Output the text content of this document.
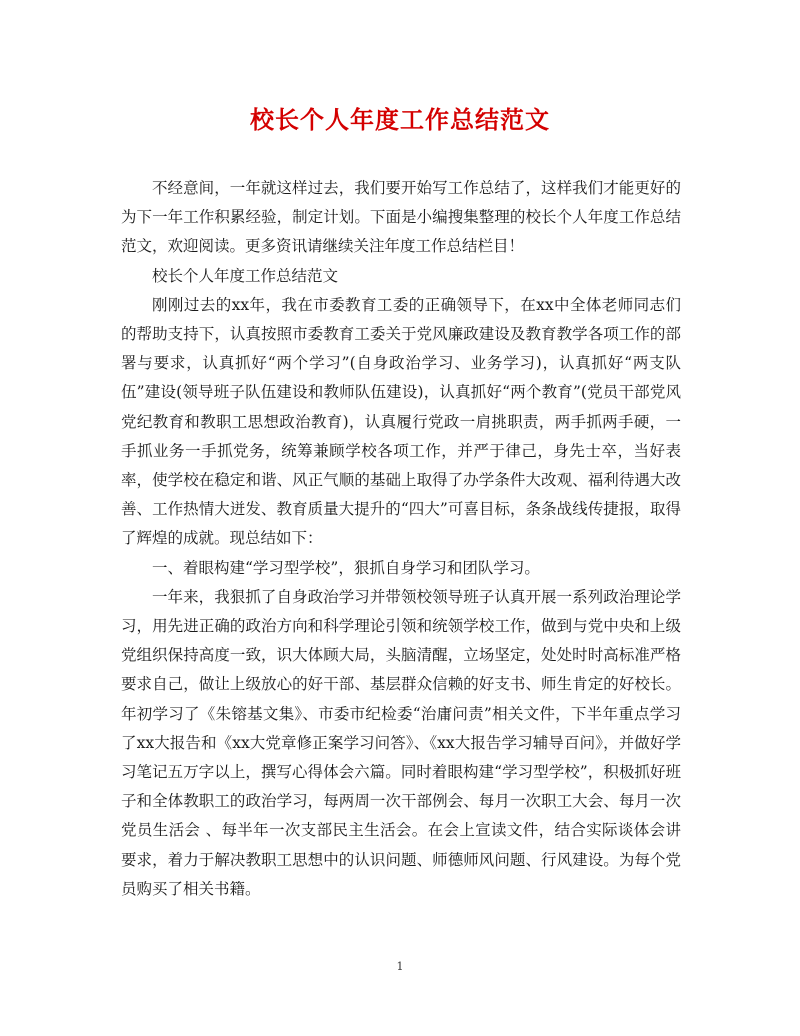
校长个人年度工作总结范文

不经意间，一年就这样过去，我们要开始写工作总结了，这样我们才能更好的为下一年工作积累经验，制定计划。下面是小编搜集整理的校长个人年度工作总结范文，欢迎阅读。更多资讯请继续关注年度工作总结栏目！

校长个人年度工作总结范文

刚刚过去的xx年，我在市委教育工委的正确领导下，在xx中全体老师同志们的帮助支持下，认真按照市委教育工委关于党风廉政建设及教育教学各项工作的部署与要求，认真抓好“两个学习”(自身政治学习、业务学习)，认真抓好“两支队伍”建设(领导班子队伍建设和教师队伍建设)，认真抓好“两个教育”(党员干部党风党纪教育和教职工思想政治教育)，认真履行党政一肩挑职责，两手抓两手硬，一手抓业务一手抓党务，统筹兼顾学校各项工作，并严于律己，身先士卒，当好表率，使学校在稳定和谐、风正气顺的基础上取得了办学条件大改观、福利待遇大改善、工作热情大迸发、教育质量大提升的“四大”可喜目标，条条战线传捷报，取得了辉煌的成就。现总结如下：

一、着眼构建“学习型学校”，狠抓自身学习和团队学习。

一年来，我狠抓了自身政治学习并带领校领导班子认真开展一系列政治理论学习，用先进正确的政治方向和科学理论引领和统领学校工作，做到与党中央和上级党组织保持高度一致，识大体顾大局，头脑清醒，立场坚定，处处时时高标准严格要求自己，做让上级放心的好干部、基层群众信赖的好支书、师生肯定的好校长。年初学习了《朱镕基文集》、市委市纪检委“治庸问责”相关文件，下半年重点学习了xx大报告和《xx大党章修正案学习问答》、《xx大报告学习辅导百问》，并做好学习笔记五万字以上，撰写心得体会六篇。同时着眼构建“学习型学校”，积极抓好班子和全体教职工的政治学习，每两周一次干部例会、每月一次职工大会、每月一次党员生活会 、每半年一次支部民主生活会。在会上宣读文件，结合实际谈体会讲要求，着力于解决教职工思想中的认识问题、师德师风问题、行风建设。为每个党员购买了相关书籍。

1
